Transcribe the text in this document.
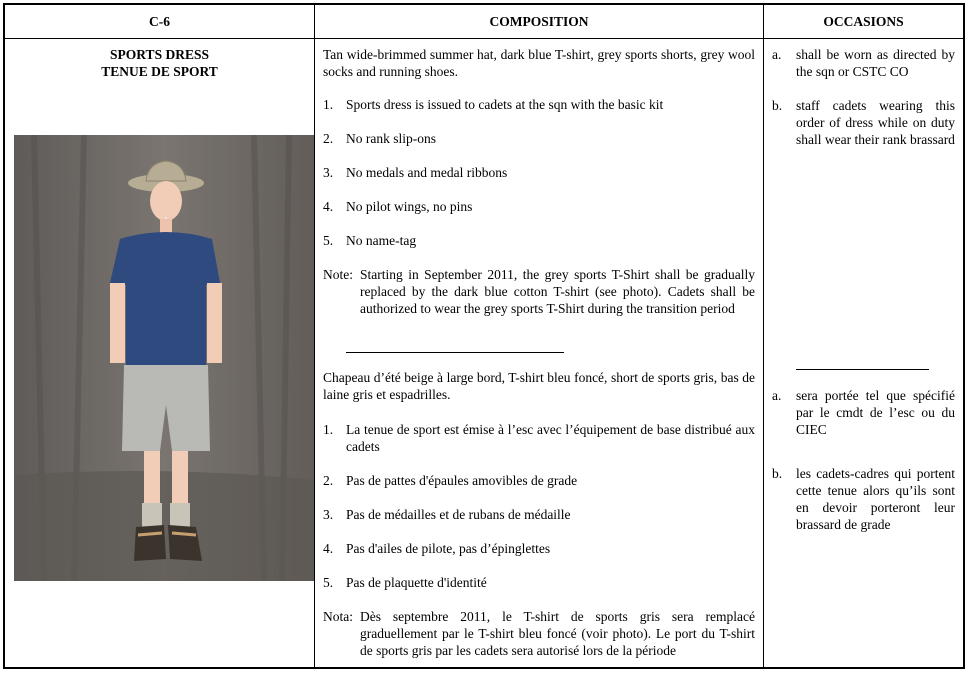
C-6	COMPOSITION	OCCASIONS
SPORTS DRESS
TENUE DE SPORT
Tan wide-brimmed summer hat, dark blue T-shirt, grey sports shorts, grey wool socks and running shoes.
1. Sports dress is issued to cadets at the sqn with the basic kit
2. No rank slip-ons
3. No medals and medal ribbons
4. No pilot wings, no pins
5. No name-tag
Note: Starting in September 2011, the grey sports T-Shirt shall be gradually replaced by the dark blue cotton T-shirt (see photo). Cadets shall be authorized to wear the grey sports T-Shirt during the transition period
Chapeau d’été beige à large bord, T-shirt bleu foncé, short de sports gris, bas de laine gris et espadrilles.
1. La tenue de sport est émise à l’esc avec l’équipement de base distribué aux cadets
2. Pas de pattes d'épaules amovibles de grade
3. Pas de médailles et de rubans de médaille
4. Pas d'ailes de pilote, pas d’épinglettes
5. Pas de plaquette d'identité
Nota: Dès septembre 2011, le T-shirt de sports gris sera remplacé graduellement par le T-shirt bleu foncé (voir photo). Le port du T-shirt de sports gris par les cadets sera autorisé lors de la période
a. shall be worn as directed by the sqn or CSTC CO
b. staff cadets wearing this order of dress while on duty shall wear their rank brassard
a. sera portée tel que spécifié par le cmdt de l’esc ou du CIEC
b. les cadets-cadres qui portent cette tenue alors qu’ils sont en devoir porteront leur brassard de grade
